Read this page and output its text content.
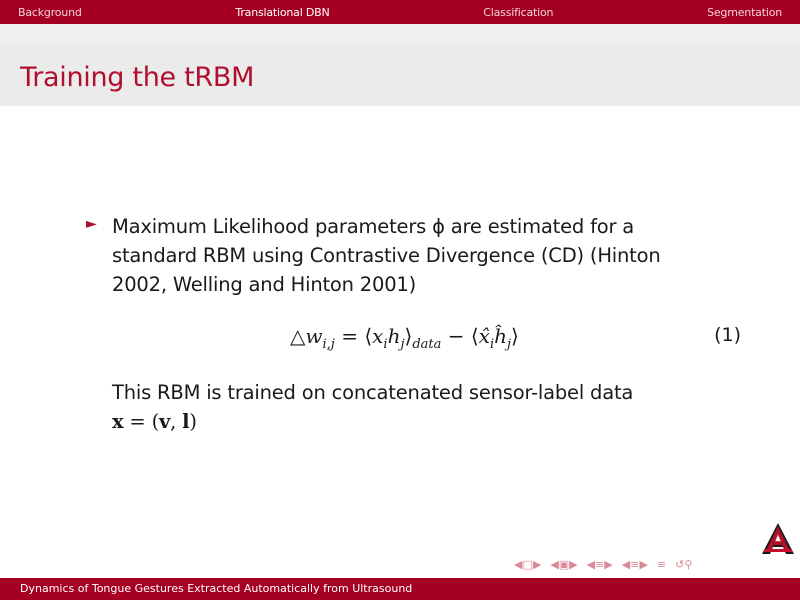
Background	Translational DBN	Classification	Segmentation
Training the tRBM
► Maximum Likelihood parameters ϕ are estimated for a standard RBM using Contrastive Divergence (CD) (Hinton 2002, Welling and Hinton 2001)
$\triangle w_{i,j}$ = $⟨x_ih_j⟩_{data}$ − $⟨x̂_iĥ_j⟩$	(1)
This RBM is trained on concatenated sensor-label data
x = (v, l)
◀□▶ ◀▣▶ ◀≡▶ ◀≡▶ ≡ ↺⚲
Dynamics of Tongue Gestures Extracted Automatically from Ultrasound
